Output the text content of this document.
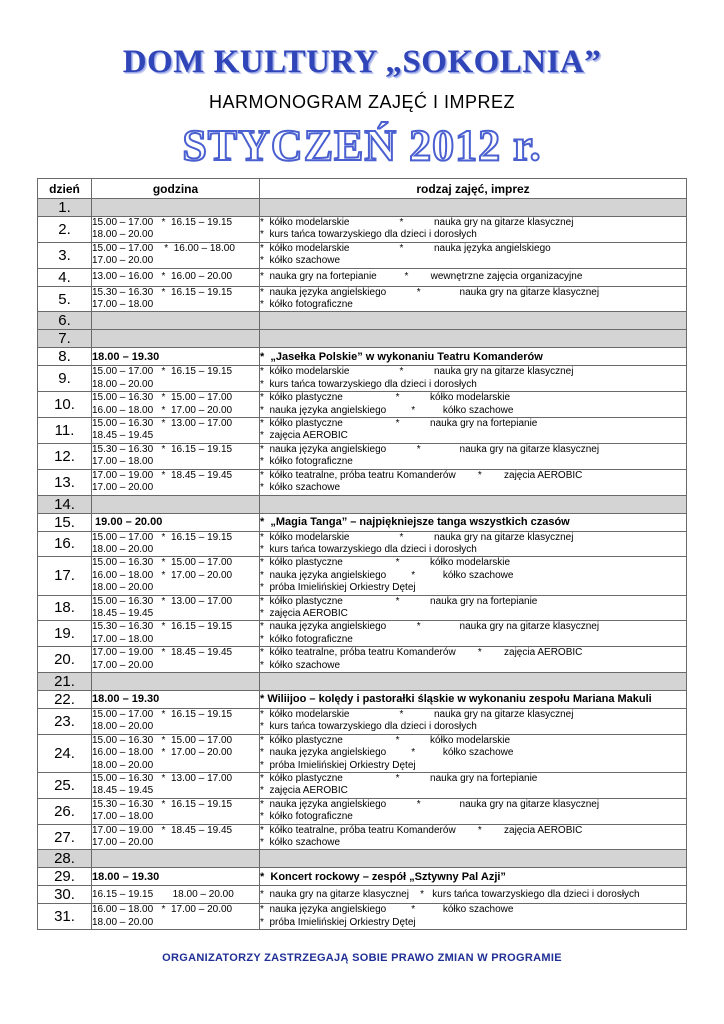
DOM KULTURY „SOKOLNIA”
HARMONOGRAM ZAJĘĆ I IMPREZ
STYCZEŃ 2012 r.
dzień	godzina	rodzaj zajęć, imprez
1.		
2.	15.00 – 17.00   *  16.15 – 19.15
18.00 – 20.00	*  kółko modelarskie                  *           nauka gry na gitarze klasycznej
*  kurs tańca towarzyskiego dla dzieci i dorosłych

3.	15.00 – 17.00    *  16.00 – 18.00
17.00 – 20.00	*  kółko modelarskie                  *           nauka języka angielskiego
*  kółko szachowe

4.	13.00 – 16.00   *  16.00 – 20.00	*  nauka gry na fortepianie          *        wewnętrzne zajęcia organizacyjne

5.	15.30 – 16.30   *  16.15 – 19.15
17.00 – 18.00	*  nauka języka angielskiego           *              nauka gry na gitarze klasycznej
*  kółko fotograficzne

6.		
7.		
8.	18.00 – 19.30	*  „Jasełka Polskie” w wykonaniu Teatru Komanderów

9.	15.00 – 17.00   *  16.15 – 19.15
18.00 – 20.00	*  kółko modelarskie                  *           nauka gry na gitarze klasycznej
*  kurs tańca towarzyskiego dla dzieci i dorosłych

10.	15.00 – 16.30   *  15.00 – 17.00
16.00 – 18.00   *  17.00 – 20.00	*  kółko plastyczne                   *           kółko modelarskie
*  nauka języka angielskiego         *          kółko szachowe

11.	15.00 – 16.30   *  13.00 – 17.00
18.45 – 19.45	*  kółko plastyczne                   *           nauka gry na fortepianie
*  zajęcia AEROBIC

12.	15.30 – 16.30   *  16.15 – 19.15
17.00 – 18.00	*  nauka języka angielskiego           *              nauka gry na gitarze klasycznej
*  kółko fotograficzne

13.	17.00 – 19.00   *  18.45 – 19.45
17.00 – 20.00	*  kółko teatralne, próba teatru Komanderów        *        zajęcia AEROBIC
*  kółko szachowe

14.		
15.	19.00 – 20.00	*  „Magia Tanga” – najpiękniejsze tanga wszystkich czasów

16.	15.00 – 17.00   *  16.15 – 19.15
18.00 – 20.00	*  kółko modelarskie                  *           nauka gry na gitarze klasycznej
*  kurs tańca towarzyskiego dla dzieci i dorosłych

17.	15.00 – 16.30   *  15.00 – 17.00
16.00 – 18.00   *  17.00 – 20.00
18.00 – 20.00	*  kółko plastyczne                   *           kółko modelarskie
*  nauka języka angielskiego         *          kółko szachowe
*  próba Imielińskiej Orkiestry Dętej

18.	15.00 – 16.30   *  13.00 – 17.00
18.45 – 19.45	*  kółko plastyczne                   *           nauka gry na fortepianie
*  zajęcia AEROBIC

19.	15.30 – 16.30   *  16.15 – 19.15
17.00 – 18.00	*  nauka języka angielskiego           *              nauka gry na gitarze klasycznej
*  kółko fotograficzne

20.	17.00 – 19.00   *  18.45 – 19.45
17.00 – 20.00	*  kółko teatralne, próba teatru Komanderów        *        zajęcia AEROBIC
*  kółko szachowe

21.		
22.	18.00 – 19.30	* Wiliijoo – kolędy i pastorałki śląskie w wykonaniu zespołu Mariana Makuli

23.	15.00 – 17.00   *  16.15 – 19.15
18.00 – 20.00	*  kółko modelarskie                  *           nauka gry na gitarze klasycznej
*  kurs tańca towarzyskiego dla dzieci i dorosłych

24.	15.00 – 16.30   *  15.00 – 17.00
16.00 – 18.00   *  17.00 – 20.00
18.00 – 20.00	*  kółko plastyczne                   *           kółko modelarskie
*  nauka języka angielskiego         *          kółko szachowe
*  próba Imielińskiej Orkiestry Dętej

25.	15.00 – 16.30   *  13.00 – 17.00
18.45 – 19.45	*  kółko plastyczne                   *           nauka gry na fortepianie
*  zajęcia AEROBIC

26.	15.30 – 16.30   *  16.15 – 19.15
17.00 – 18.00	*  nauka języka angielskiego           *              nauka gry na gitarze klasycznej
*  kółko fotograficzne

27.	17.00 – 19.00   *  18.45 – 19.45
17.00 – 20.00	*  kółko teatralne, próba teatru Komanderów        *        zajęcia AEROBIC
*  kółko szachowe

28.		
29.	18.00 – 19.30	*  Koncert rockowy – zespół „Sztywny Pal Azji”

30.	16.15 – 19.15       18.00 – 20.00	*  nauka gry na gitarze klasycznej    *   kurs tańca towarzyskiego dla dzieci i dorosłych

31.	16.00 – 18.00   *  17.00 – 20.00
18.00 – 20.00	*  nauka języka angielskiego         *          kółko szachowe
*  próba Imielińskiej Orkiestry Dętej
ORGANIZATORZY ZASTRZEGAJĄ SOBIE PRAWO ZMIAN W PROGRAMIE
